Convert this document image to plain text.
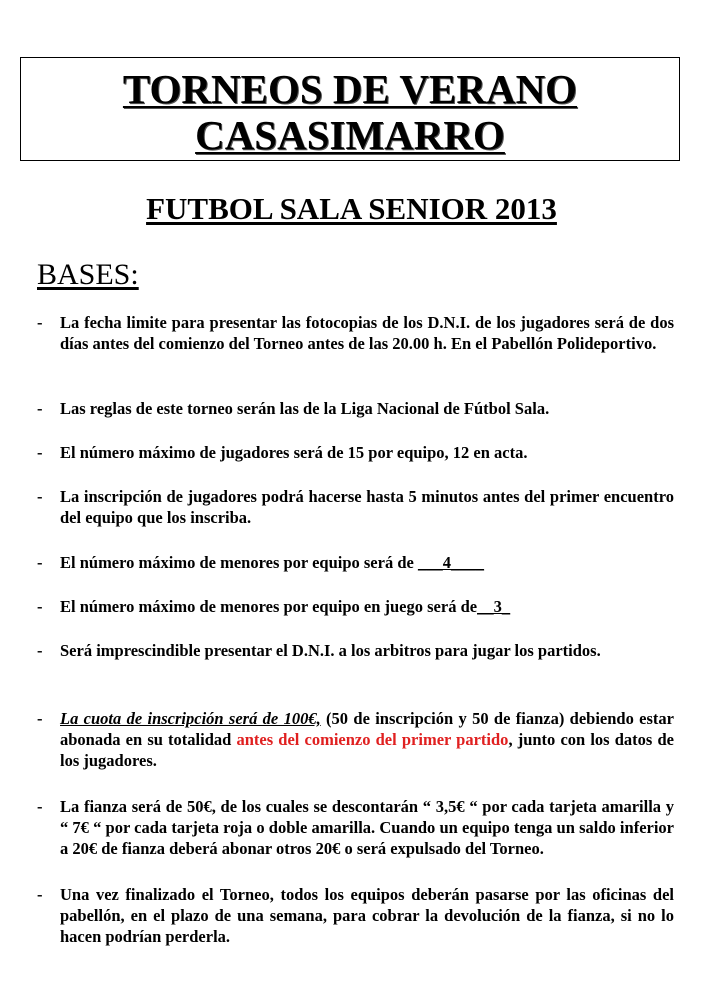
TORNEOS DE VERANO
CASASIMARRO
FUTBOL SALA SENIOR 2013
BASES:
-	La fecha limite para presentar las fotocopias de los D.N.I. de los jugadores será de dos días antes del comienzo del Torneo antes de las 20.00 h. En el Pabellón Polideportivo.
-	Las reglas de este torneo serán las de la Liga Nacional de Fútbol Sala.
-	El número máximo de jugadores será de 15 por equipo, 12 en acta.
-	La inscripción de jugadores podrá hacerse hasta 5 minutos antes del primer encuentro del equipo que los inscriba.
-	El número máximo de menores por equipo será de ___4____
-	El número máximo de menores por equipo en juego será de__3_
-	Será imprescindible presentar el D.N.I. a los arbitros para jugar los partidos.
-	La cuota de inscripción será de 100€, (50 de inscripción y 50 de fianza) debiendo estar abonada en su totalidad antes del comienzo del primer partido, junto con los datos de los jugadores.
-	La fianza será de 50€, de los cuales se descontarán “ 3,5€ “ por cada tarjeta amarilla y “ 7€ “ por cada tarjeta roja o doble amarilla. Cuando un equipo tenga un saldo inferior a 20€ de fianza deberá abonar otros 20€ o será expulsado del Torneo.
-	Una vez finalizado el Torneo, todos los equipos deberán pasarse por las oficinas del pabellón, en el plazo de una semana, para cobrar la devolución de la fianza, si no lo hacen podrían perderla.
